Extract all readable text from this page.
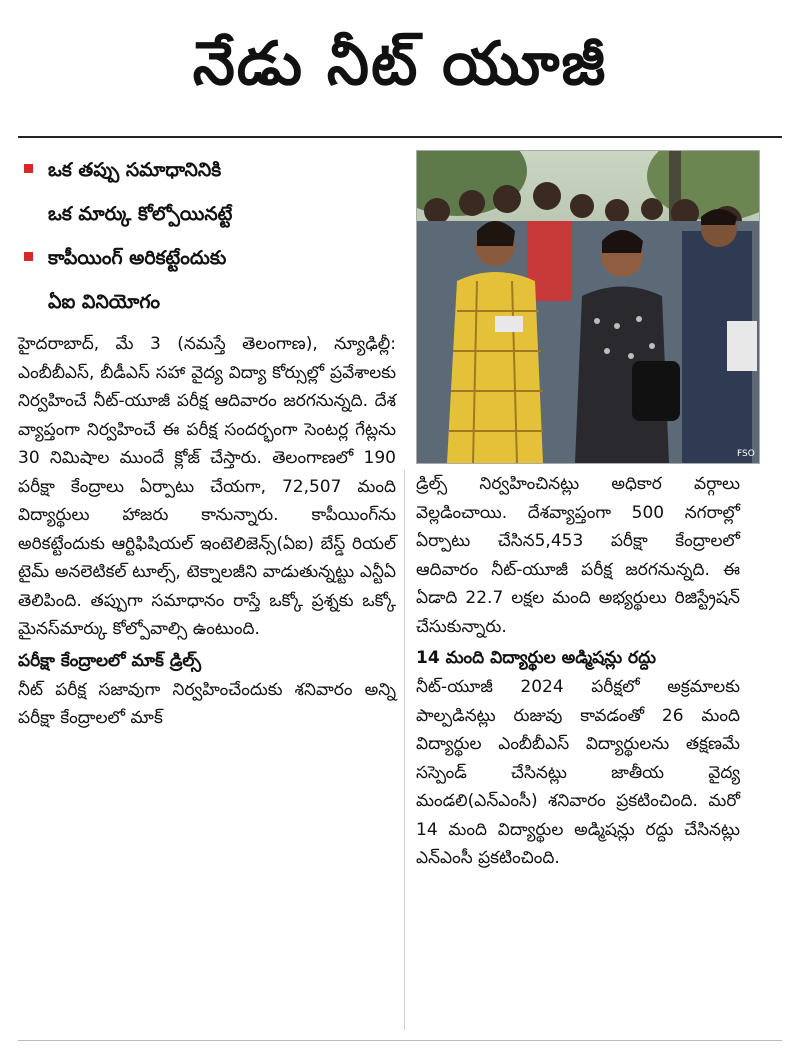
నేడు నీట్ యూజీ
ఒక తప్పు సమాధానినికి
ఒక మార్కు కోల్పోయినట్టే
కాపీయింగ్ అరికట్టేందుకు
ఏఐ వినియోగం
FSO

హైదరాబాద్, మే 3 (నమస్తే తెలంగాణ), న్యూఢిల్లీ: ఎంబీబీఎస్, బీడీఎస్ సహా వైద్య విద్యా కోర్సుల్లో ప్రవేశాలకు నిర్వహించే నీట్-యూజీ పరీక్ష ఆదివారం జరగనున్నది. దేశ వ్యాప్తంగా నిర్వహించే ఈ పరీక్ష సందర్భంగా సెంటర్ల గేట్లను 30 నిమిషాల ముందే క్లోజ్ చేస్తారు. తెలంగాణలో 190 పరీక్షా కేంద్రాలు ఏర్పాటు చేయగా, 72,507 మంది విద్యార్థులు హాజరు కానున్నారు. కాపీయింగ్‌ను అరికట్టేందుకు ఆర్టిఫిషియల్ ఇంటెలిజెన్స్(ఏఐ) బేస్డ్ రియల్ టైమ్ అనలెటికల్ టూల్స్, టెక్నాలజీని వాడుతున్నట్టు ఎన్టీఏ తెలిపింది. తప్పుగా సమాధానం రాస్తే ఒక్కో ప్రశ్నకు ఒక్కో మైనస్‌మార్కు కోల్పోవాల్సి ఉంటుంది.

పరీక్షా కేంద్రాలలో మాక్ డ్రిల్స్

నీట్ పరీక్ష సజావుగా నిర్వహించేందుకు శనివారం అన్ని పరీక్షా కేంద్రాలలో మాక్

డ్రిల్స్ నిర్వహించినట్లు అధికార వర్గాలు వెల్లడించాయి. దేశవ్యాప్తంగా 500 నగరాల్లో ఏర్పాటు చేసిన5,453 పరీక్షా కేంద్రాలలో ఆదివారం నీట్-యూజీ పరీక్ష జరగనున్నది. ఈ ఏడాది 22.7 లక్షల మంది అభ్యర్థులు రిజిస్ట్రేషన్ చేసుకున్నారు.

14 మంది విద్యార్థుల అడ్మిషన్లు రద్దు

నీట్-యూజీ 2024 పరీక్షలో అక్రమాలకు పాల్పడినట్లు రుజువు కావడంతో 26 మంది విద్యార్థుల ఎంబీబీఎస్ విద్యార్థులను తక్షణమే సస్పెండ్ చేసినట్లు జాతీయ వైద్య మండలి(ఎన్ఎంసీ) శనివారం ప్రకటించింది. మరో 14 మంది విద్యార్థుల అడ్మిషన్లు రద్దు చేసినట్లు ఎన్ఎంసీ ప్రకటించింది.
